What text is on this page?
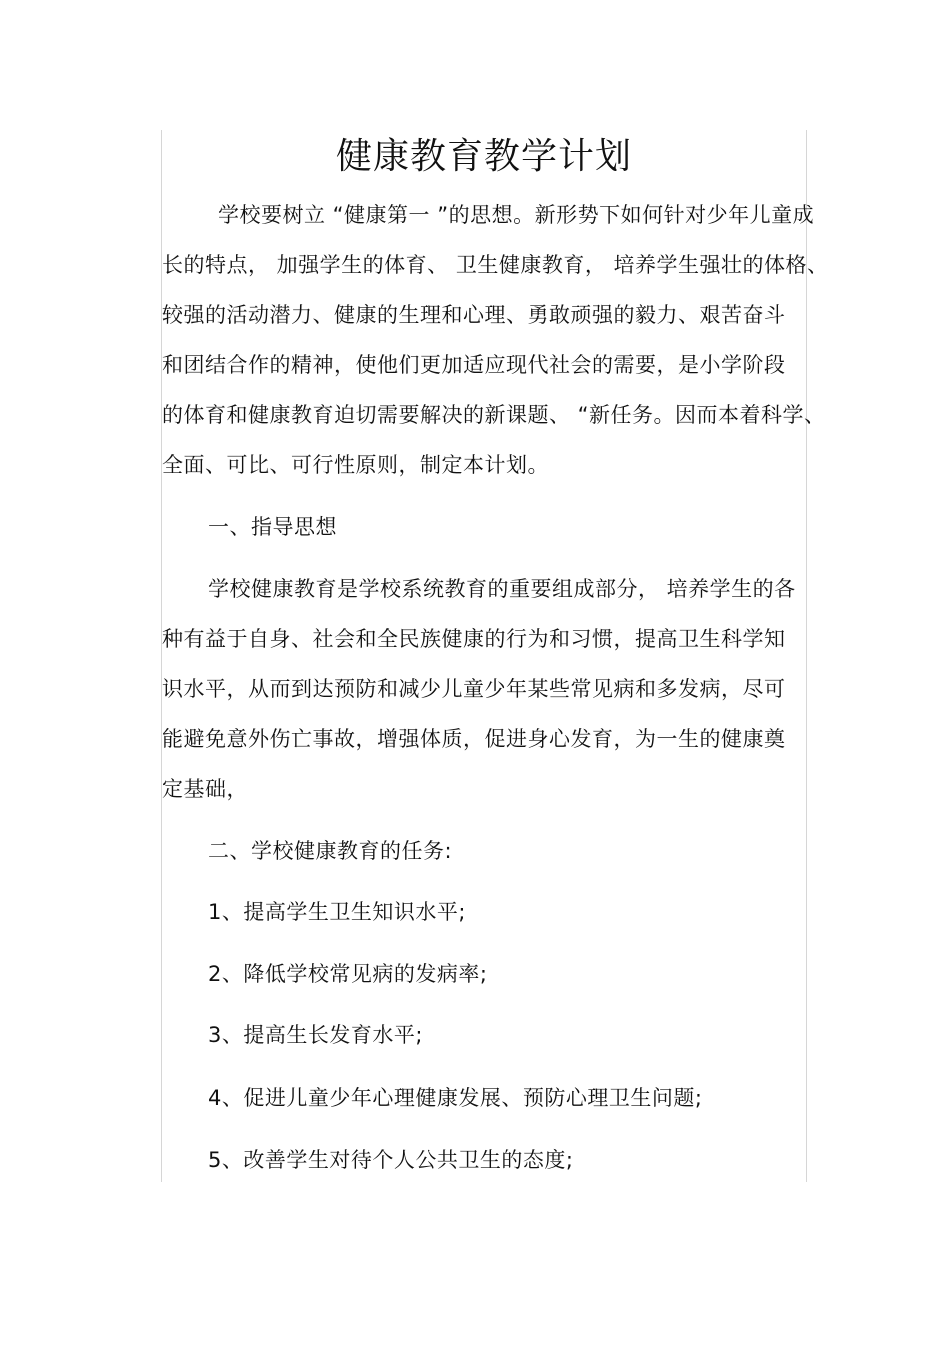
健康教育教学计划
学校要树立 “健康第一 ”的思想。新形势下如何针对少年儿童成
长的特点， 加强学生的体育、 卫生健康教育， 培养学生强壮的体格、
较强的活动潜力、健康的生理和心理、勇敢顽强的毅力、艰苦奋斗
和团结合作的精神，使他们更加适应现代社会的需要，是小学阶段
的体育和健康教育迫切需要解决的新课题、 “新任务。因而本着科学、
全面、可比、可行性原则，制定本计划。
一、指导思想
学校健康教育是学校系统教育的重要组成部分， 培养学生的各
种有益于自身、社会和全民族健康的行为和习惯，提高卫生科学知
识水平，从而到达预防和减少儿童少年某些常见病和多发病，尽可
能避免意外伤亡事故，增强体质，促进身心发育，为一生的健康奠
定基础，
二、学校健康教育的任务:
1、提高学生卫生知识水平;
2、降低学校常见病的发病率;
3、提高生长发育水平;
4、促进儿童少年心理健康发展、预防心理卫生问题;
5、改善学生对待个人公共卫生的态度;
